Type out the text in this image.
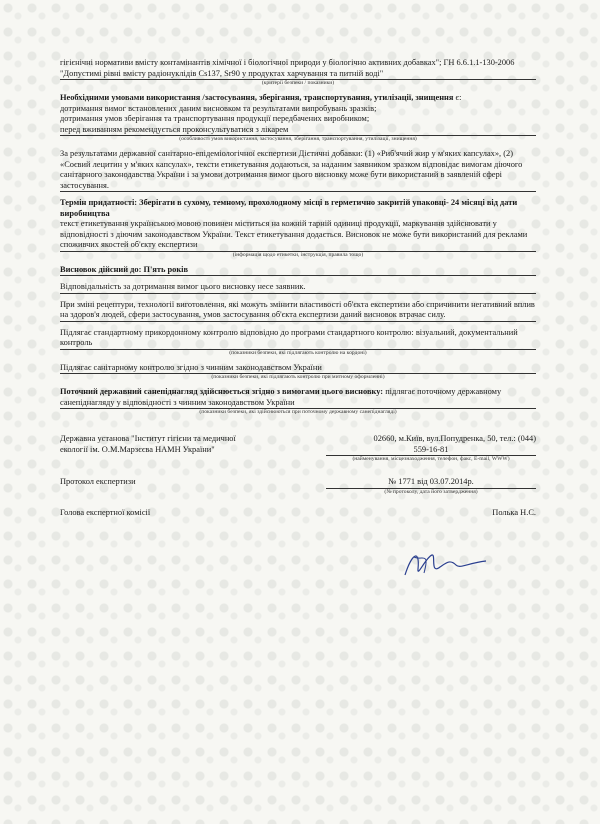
гігієнічні нормативи вмісту контамінантів хімічної і біологічної природи у біологічно активних добавках"; ГН 6.6.1.1-130-2006 "Допустимі рівні вмісту радіонуклідів Cs137, Sr90 у продуктах харчування та питній воді"
(критерії безпеки / показники)
Необхідними умовами використання /застосування, зберігання, транспортування, утилізації, знищення є:
дотримання вимог встановлених даним висновком та результатами випробувань зразків;
дотримання умов зберігання та транспортування продукції передбачених виробником;
перед вживанням рекомендується проконсультуватися з лікарем
(особливості умов використання, застосування, зберігання, транспортування, утилізації, знищення)
За результатами державної санітарно-епідеміологічної експертизи Дієтичні добавки: (1) «Риб'ячий жир у м'яких капсулах», (2) «Соєвий лецитин у м'яких капсулах», тексти етикетування додаються, за наданим заявником зразком відповідає вимогам діючого санітарного законодавства України і за умови дотримання вимог цього висновку може бути використаний в заявленій сфері застосування.
Термін придатності: Зберігати в сухому, темному, прохолодному місці в герметично закритій упаковці- 24 місяці від дати виробництва
текст етикетування українською мовою повинен міститься на кожній тарній одиниці продукції, маркування здійснювати у відповідності з діючим законодавством України. Текст етикетування додається. Висновок не може бути використаний для реклами споживчих якостей об'єкту експертизи
(інформація щодо етикетки, інструкція, правила тощо)
Висновок дійсний до: П'ять років
Відповідальність за дотримання вимог цього висновку несе заявник.
При зміні рецептури, технології виготовлення, які можуть змінити властивості об'єкта експертизи або спричинити негативний вплив на здоров'я людей, сфери застосування, умов застосування об'єкта експертизи даний висновок втрачає силу.
Підлягає стандартному прикордонному контролю відповідно до програми стандартного контролю: візуальний, документальний контроль
(показники безпеки, які підлягають контролю на кордоні)
Підлягає санітарному контролю згідно з чинним законодавством України
(показники безпеки, які підлягають контролю при митному оформленні)
Поточний державний санепіднагляд здійснюється згідно з вимогами цього висновку: підлягає поточному державному санепіднагляду у відповідності з чинним законодавством України
(показники безпеки, які здійснюються при поточному державному санепіднагляді)
Державна установа "Інститут гігієни та медичної
екології ім. О.М.Марзєєва НАМН України"
02660, м.Київ, вул.Попудренка, 50, тел.: (044)
559-16-81
(найменування, місцезнаходження, телефон, факс, E-mail, WWW)
Протокол експертизи	№ 1771 від 03.07.2014р.
(№ протоколу, дата його затвердження)
Голова експертної комісії	Полька Н.С.
